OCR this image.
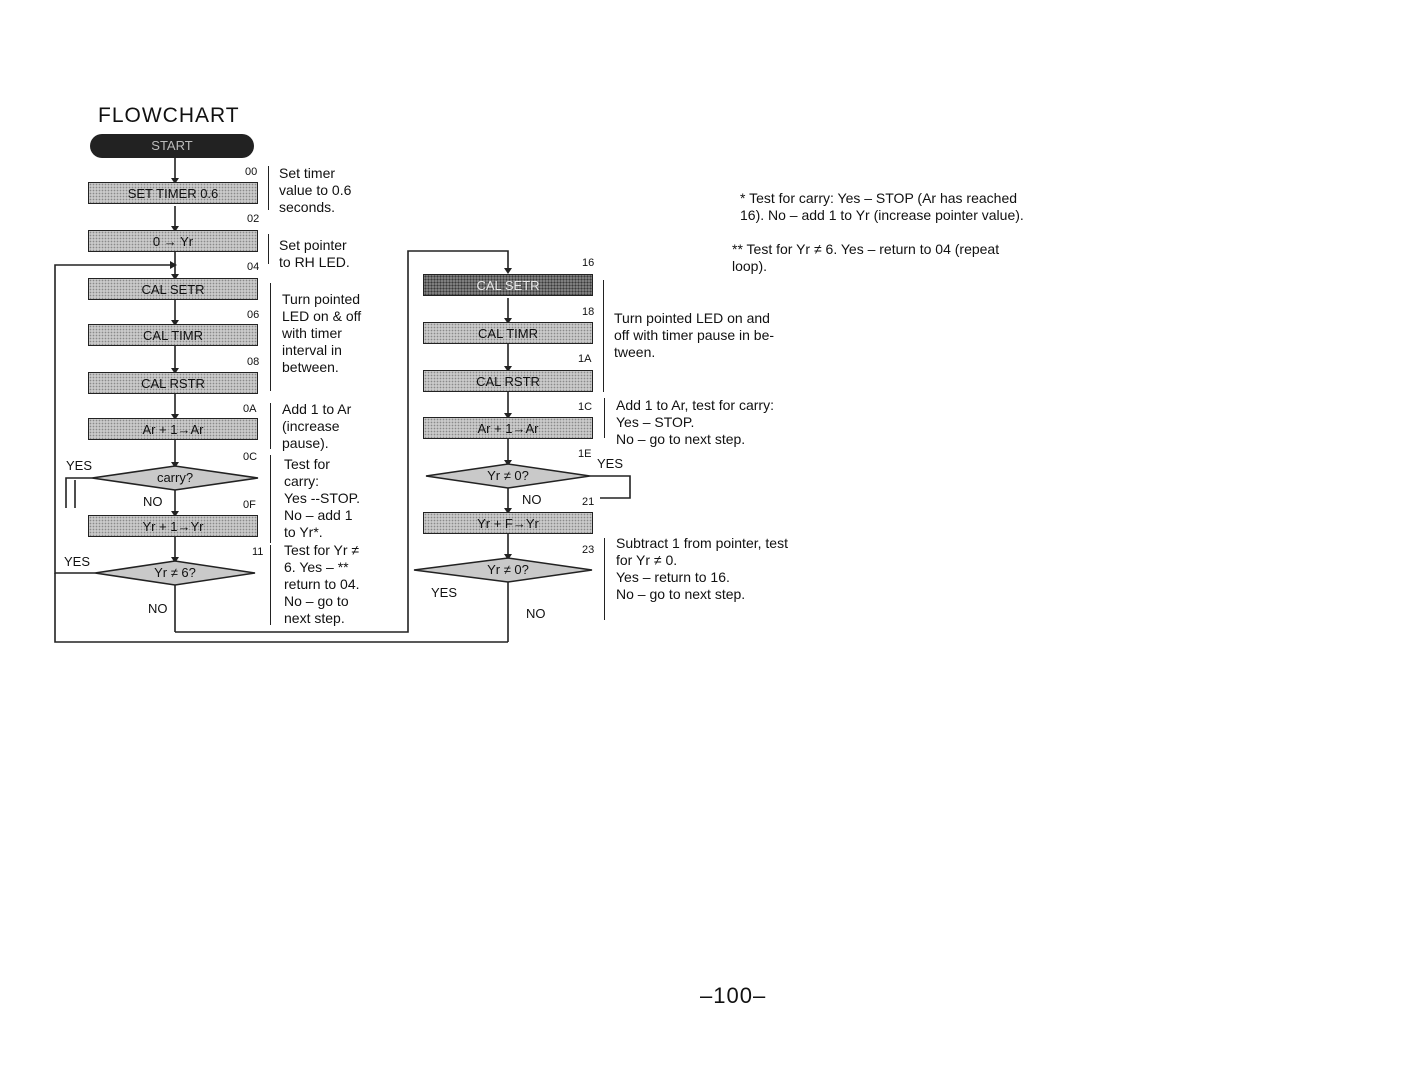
FLOWCHART
START
SET TIMER 0.6
0 → Yr
CAL SETR
CAL TIMR
CAL RSTR
Ar + 1→Ar
Yr + 1→Yr
carry?
Yr ≠ 6?
YES
NO
YES
NO
00
02
04
06
08
0A
0C
0F
11
Set timer
value to 0.6
seconds.
Set pointer
to RH LED.
Turn pointed
LED on & off
with timer
interval in
between.
Add 1 to Ar
(increase
pause).
Test for
carry:
Yes --STOP.
No – add 1
to Yr*.
Test for Yr ≠
6. Yes – **
return to 04.
No – go to
next step.
CAL SETR
CAL TIMR
CAL RSTR
Ar + 1→Ar
Yr + F→Yr
Yr ≠ 0?
Yr ≠ 0?
YES
NO
YES
NO
16
18
1A
1C
1E
21
23
Turn pointed LED on and
off with timer pause in be-
tween.
Add 1 to Ar, test for carry:
Yes – STOP.
No – go to next step.
Subtract 1 from pointer, test
for Yr ≠ 0.
Yes – return to 16.
No – go to next step.
* Test for carry: Yes – STOP (Ar has reached
16). No – add 1 to Yr (increase pointer value).
** Test for Yr ≠ 6. Yes – return to 04 (repeat
loop).
–100–
